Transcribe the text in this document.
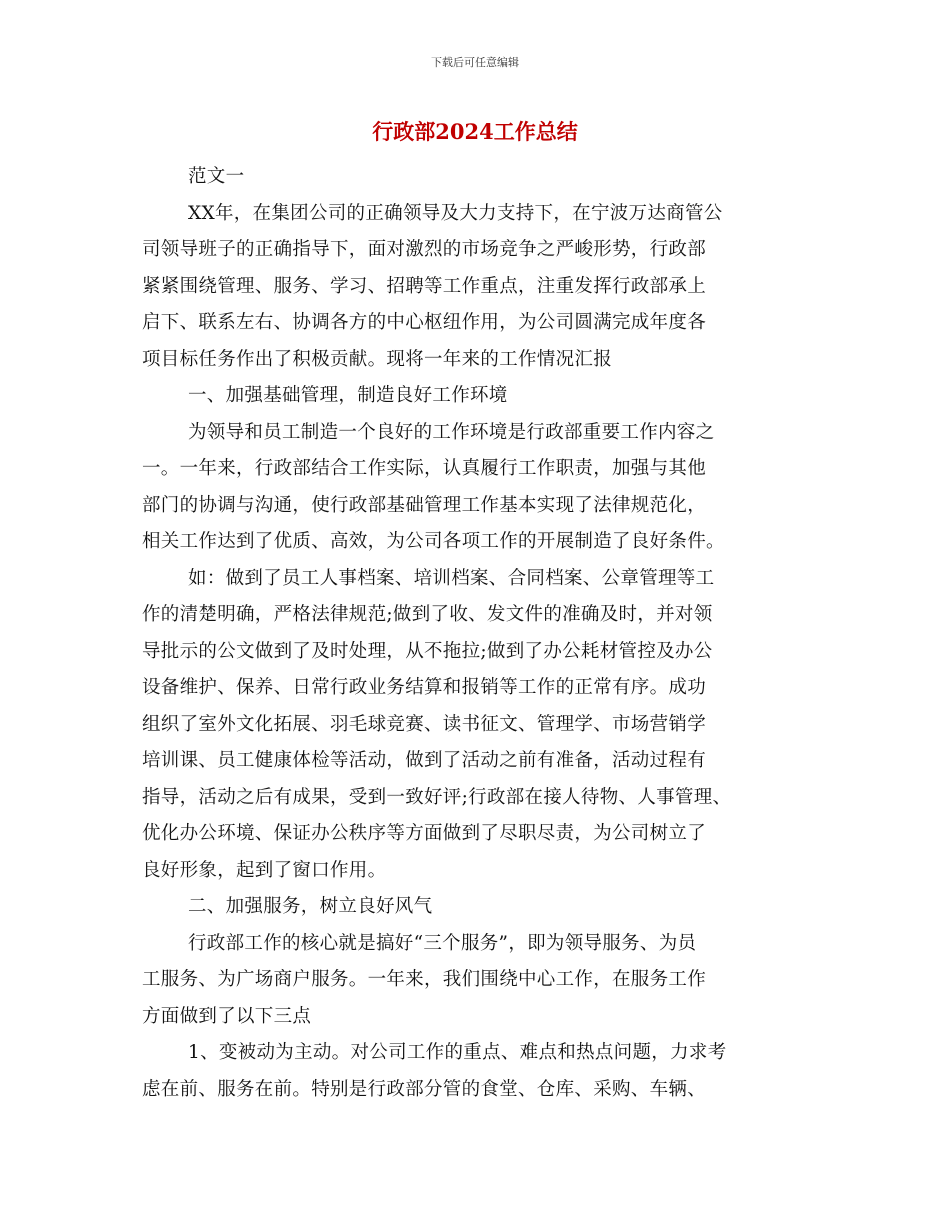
下载后可任意编辑
行政部2024工作总结
范文一
XX年，在集团公司的正确领导及大力支持下，在宁波万达商管公
司领导班子的正确指导下，面对激烈的市场竞争之严峻形势，行政部
紧紧围绕管理、服务、学习、招聘等工作重点，注重发挥行政部承上
启下、联系左右、协调各方的中心枢纽作用，为公司圆满完成年度各
项目标任务作出了积极贡献。现将一年来的工作情况汇报
一、加强基础管理，制造良好工作环境
为领导和员工制造一个良好的工作环境是行政部重要工作内容之
一。一年来，行政部结合工作实际，认真履行工作职责，加强与其他
部门的协调与沟通，使行政部基础管理工作基本实现了法律规范化，
相关工作达到了优质、高效，为公司各项工作的开展制造了良好条件。
如：做到了员工人事档案、培训档案、合同档案、公章管理等工
作的清楚明确，严格法律规范;做到了收、发文件的准确及时，并对领
导批示的公文做到了及时处理，从不拖拉;做到了办公耗材管控及办公
设备维护、保养、日常行政业务结算和报销等工作的正常有序。成功
组织了室外文化拓展、羽毛球竞赛、读书征文、管理学、市场营销学
培训课、员工健康体检等活动，做到了活动之前有准备，活动过程有
指导，活动之后有成果，受到一致好评;行政部在接人待物、人事管理、
优化办公环境、保证办公秩序等方面做到了尽职尽责，为公司树立了
良好形象，起到了窗口作用。
二、加强服务，树立良好风气
行政部工作的核心就是搞好“三个服务”，即为领导服务、为员
工服务、为广场商户服务。一年来，我们围绕中心工作，在服务工作
方面做到了以下三点
1、变被动为主动。对公司工作的重点、难点和热点问题，力求考
虑在前、服务在前。特别是行政部分管的食堂、仓库、采购、车辆、
